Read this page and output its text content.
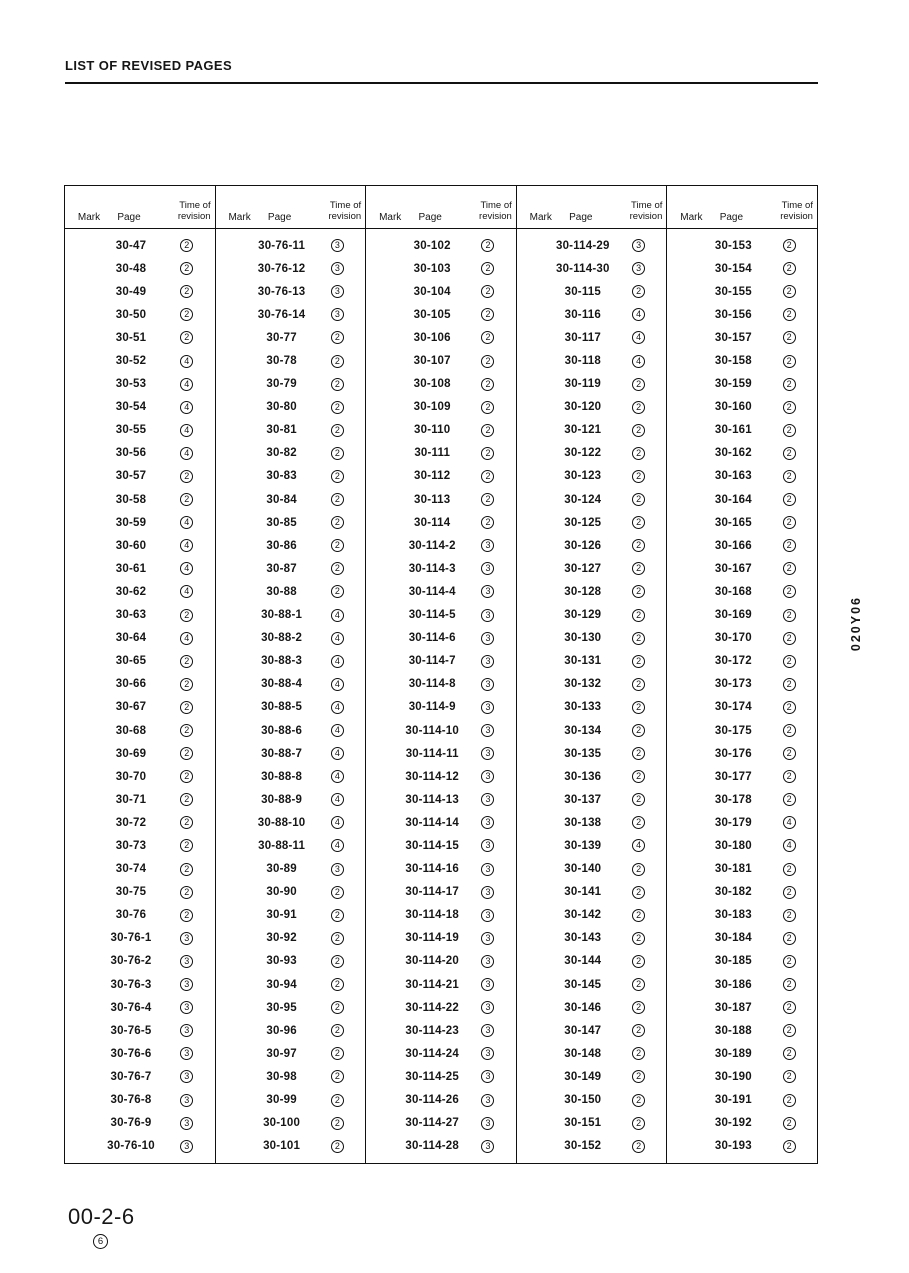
LIST OF REVISED PAGES
Mark	Page
Time of revision
30-47	2
30-48	2
30-49	2
30-50	2
30-51	2
30-52	4
30-53	4
30-54	4
30-55	4
30-56	4
30-57	2
30-58	2
30-59	4
30-60	4
30-61	4
30-62	4
30-63	2
30-64	4
30-65	2
30-66	2
30-67	2
30-68	2
30-69	2
30-70	2
30-71	2
30-72	2
30-73	2
30-74	2
30-75	2
30-76	2
30-76-1	3
30-76-2	3
30-76-3	3
30-76-4	3
30-76-5	3
30-76-6	3
30-76-7	3
30-76-8	3
30-76-9	3
30-76-10	3
Mark	Page
Time of revision
30-76-11	3
30-76-12	3
30-76-13	3
30-76-14	3
30-77	2
30-78	2
30-79	2
30-80	2
30-81	2
30-82	2
30-83	2
30-84	2
30-85	2
30-86	2
30-87	2
30-88	2
30-88-1	4
30-88-2	4
30-88-3	4
30-88-4	4
30-88-5	4
30-88-6	4
30-88-7	4
30-88-8	4
30-88-9	4
30-88-10	4
30-88-11	4
30-89	3
30-90	2
30-91	2
30-92	2
30-93	2
30-94	2
30-95	2
30-96	2
30-97	2
30-98	2
30-99	2
30-100	2
30-101	2
Mark	Page
Time of revision
30-102	2
30-103	2
30-104	2
30-105	2
30-106	2
30-107	2
30-108	2
30-109	2
30-110	2
30-111	2
30-112	2
30-113	2
30-114	2
30-114-2	3
30-114-3	3
30-114-4	3
30-114-5	3
30-114-6	3
30-114-7	3
30-114-8	3
30-114-9	3
30-114-10	3
30-114-11	3
30-114-12	3
30-114-13	3
30-114-14	3
30-114-15	3
30-114-16	3
30-114-17	3
30-114-18	3
30-114-19	3
30-114-20	3
30-114-21	3
30-114-22	3
30-114-23	3
30-114-24	3
30-114-25	3
30-114-26	3
30-114-27	3
30-114-28	3
Mark	Page
Time of revision
30-114-29	3
30-114-30	3
30-115	2
30-116	4
30-117	4
30-118	4
30-119	2
30-120	2
30-121	2
30-122	2
30-123	2
30-124	2
30-125	2
30-126	2
30-127	2
30-128	2
30-129	2
30-130	2
30-131	2
30-132	2
30-133	2
30-134	2
30-135	2
30-136	2
30-137	2
30-138	2
30-139	4
30-140	2
30-141	2
30-142	2
30-143	2
30-144	2
30-145	2
30-146	2
30-147	2
30-148	2
30-149	2
30-150	2
30-151	2
30-152	2
Mark	Page
Time of revision
30-153	2
30-154	2
30-155	2
30-156	2
30-157	2
30-158	2
30-159	2
30-160	2
30-161	2
30-162	2
30-163	2
30-164	2
30-165	2
30-166	2
30-167	2
30-168	2
30-169	2
30-170	2
30-172	2
30-173	2
30-174	2
30-175	2
30-176	2
30-177	2
30-178	2
30-179	4
30-180	4
30-181	2
30-182	2
30-183	2
30-184	2
30-185	2
30-186	2
30-187	2
30-188	2
30-189	2
30-190	2
30-191	2
30-192	2
30-193	2
020Y06
00-2-6
6
